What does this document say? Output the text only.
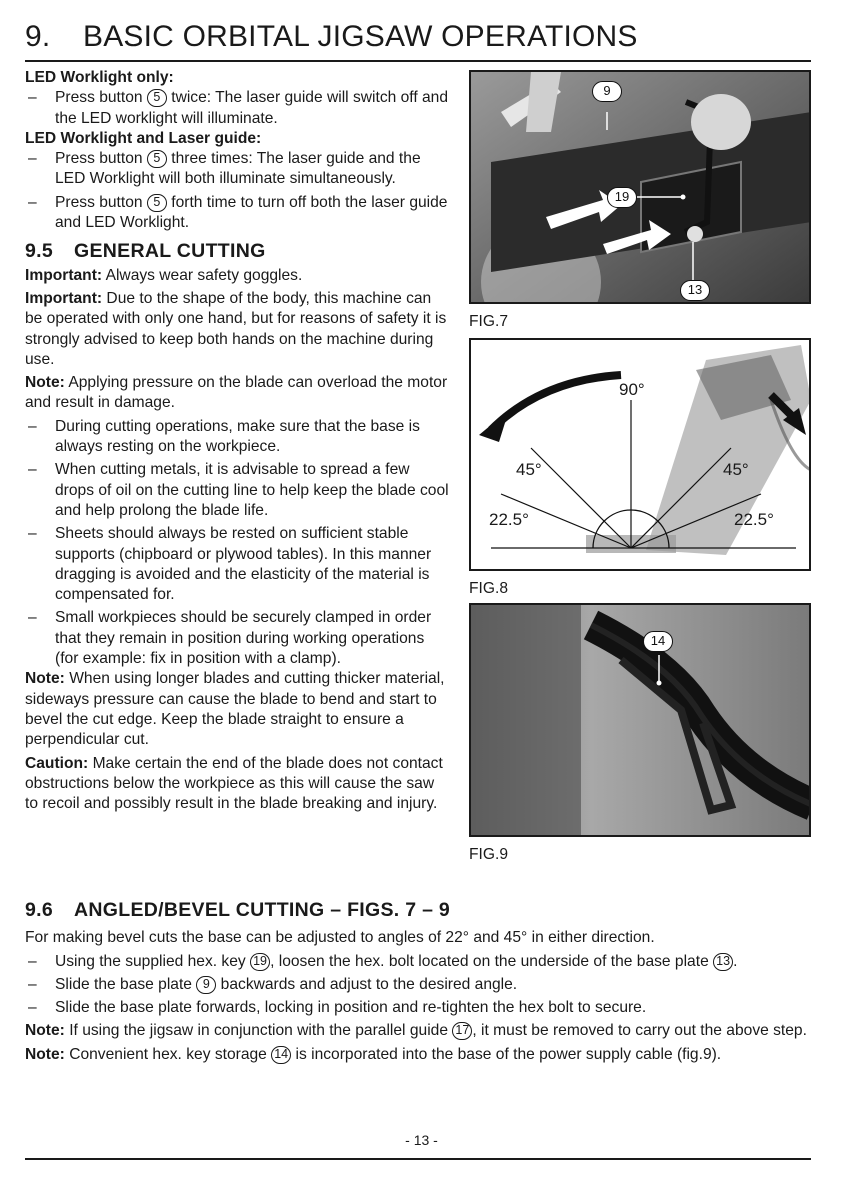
9. BASIC ORBITAL JIGSAW OPERATIONS

LED Worklight only:

– Press button 5 twice: The laser guide will switch off and the LED worklight will illuminate.

LED Worklight and Laser guide:

– Press button 5 three times: The laser guide and the LED Worklight will both illuminate simultaneously.

– Press button 5 forth time to turn off both the laser guide and LED Worklight.

9.5 GENERAL CUTTING

Important: Always wear safety goggles.

Important: Due to the shape of the body, this machine can be operated with only one hand, but for reasons of safety it is strongly advised to keep both hands on the machine during use.

Note: Applying pressure on the blade can overload the motor and result in damage.

– During cutting operations, make sure that the base is always resting on the workpiece.

– When cutting metals, it is advisable to spread a few drops of oil on the cutting line to help keep the blade cool and help prolong the blade life.

– Sheets should always be rested on sufficient stable supports (chipboard or plywood tables). In this manner dragging is avoided and the elasticity of the material is compensated for.

– Small workpieces should be securely clamped in order that they remain in position during working operations (for example: fix in position with a clamp).

Note: When using longer blades and cutting thicker material, sideways pressure can cause the blade to bend and start to bevel the cut edge. Keep the blade straight to ensure a perpendicular cut.

Caution: Make certain the end of the blade does not contact obstructions below the workpiece as this will cause the saw to recoil and possibly result in the blade breaking and injury.

9
19
13
FIG.7
90°
45°	45°
22.5°	22.5°
FIG.8
14
FIG.9
9.6 ANGLED/BEVEL CUTTING – FIGS. 7 – 9

For making bevel cuts the base can be adjusted to angles of 22° and 45° in either direction.

– Using the supplied hex. key 19 , loosen the hex. bolt located on the underside of the base plate 13 .

– Slide the base plate 9 backwards and adjust to the desired angle.

– Slide the base plate forwards, locking in position and re-tighten the hex bolt to secure.

Note: If using the jigsaw in conjunction with the parallel guide 17 , it must be removed to carry out the above step.

Note: Convenient hex. key storage 14 is incorporated into the base of the power supply cable (fig.9).

- 13 -
